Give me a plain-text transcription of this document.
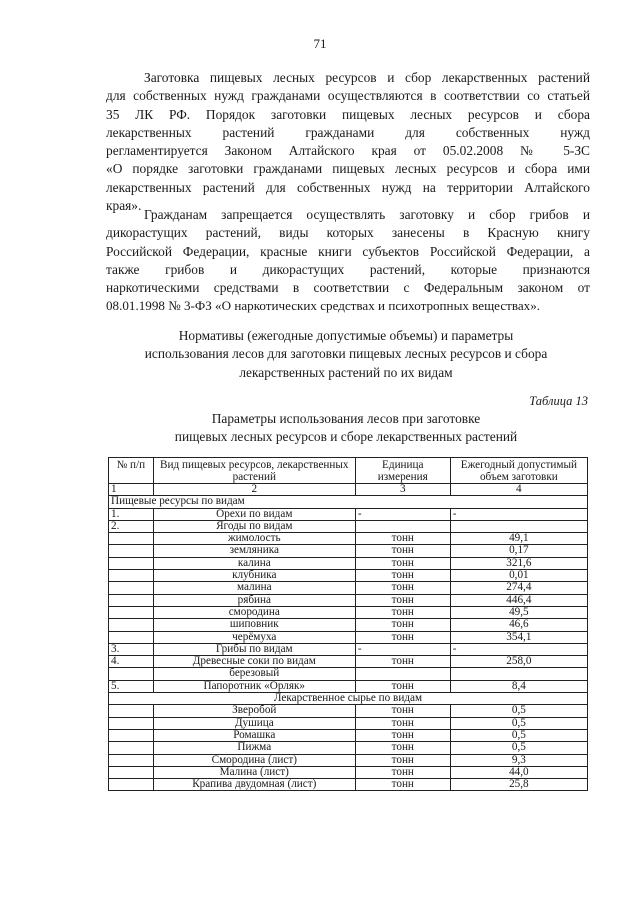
71
Заготовка пищевых лесных ресурсов и сбор лекарственных растений
для собственных нужд гражданами осуществляются в соответствии со статьей
35 ЛК РФ. Порядок заготовки пищевых лесных ресурсов и сбора
лекарственных растений гражданами для собственных нужд
регламентируется Законом Алтайского края от 05.02.2008 № 5-ЗС
«О порядке заготовки гражданами пищевых лесных ресурсов и сбора ими
лекарственных растений для собственных нужд на территории Алтайского
края».
Гражданам запрещается осуществлять заготовку и сбор грибов и
дикорастущих растений, виды которых занесены в Красную книгу
Российской Федерации, красные книги субъектов Российской Федерации, а
также грибов и дикорастущих растений, которые признаются
наркотическими средствами в соответствии с Федеральным законом от
08.01.1998 № 3-ФЗ «О наркотических средствах и психотропных веществах».
Нормативы (ежегодные допустимые объемы) и параметры
использования лесов для заготовки пищевых лесных ресурсов и сбора
лекарственных растений по их видам
Таблица 13
Параметры использования лесов при заготовке
пищевых лесных ресурсов и сборе лекарственных растений
№ п/п	Вид пищевых ресурсов, лекарственных растений	Единица измерения	Ежегодный допустимый объем заготовки
1	2	3	4
Пищевые ресурсы по видам			
1.	Орехи по видам	-	-
2.	Ягоды по видам		
	жимолость	тонн	49,1
	земляника	тонн	0,17
	калина	тонн	321,6
	клубника	тонн	0,01
	малина	тонн	274,4
	рябина	тонн	446,4
	смородина	тонн	49,5
	шиповник	тонн	46,6
	черёмуха	тонн	354,1
3.	Грибы по видам	-	-
4.	Древесные соки по видам	тонн	258,0
	березовый		
5.	Папоротник «Орляк»	тонн	8,4
Лекарственное сырье по видам			
	Зверобой	тонн	0,5
	Душица	тонн	0,5
	Ромашка	тонн	0,5
	Пижма	тонн	0,5
	Смородина (лист)	тонн	9,3
	Малина (лист)	тонн	44,0
	Крапива двудомная (лист)	тонн	25,8
